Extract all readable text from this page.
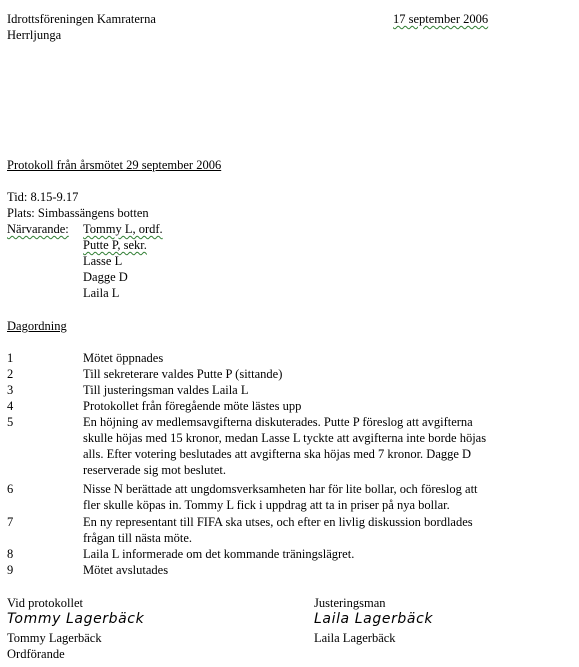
Idrottsföreningen Kamraterna
Herrljunga
17 september 2006
Protokoll från årsmötet 29 september 2006
Tid: 8.15-9.17
Plats: Simbassängens botten
Närvarande: Tommy L, ordf.
Putte P, sekr.
Lasse L
Dagge D
Laila L
Dagordning
1	Mötet öppnades
2	Till sekreterare valdes Putte P (sittande)
3	Till justeringsman valdes Laila L
4	Protokollet från föregående möte lästes upp
5	En höjning av medlemsavgifterna diskuterades. Putte P föreslog att avgifterna
skulle höjas med 15 kronor, medan Lasse L tyckte att avgifterna inte borde höjas
alls. Efter votering beslutades att avgifterna ska höjas med 7 kronor. Dagge D
reserverade sig mot beslutet.
6	Nisse N berättade att ungdomsverksamheten har för lite bollar, och föreslog att
fler skulle köpas in. Tommy L fick i uppdrag att ta in priser på nya bollar.
7	En ny representant till FIFA ska utses, och efter en livlig diskussion bordlades
frågan till nästa möte.
8	Laila L informerade om det kommande träningslägret.
9	Mötet avslutades
Vid protokollet
Tommy Lagerbäck
Tommy Lagerbäck
Ordförande
Justeringsman
Laila Lagerbäck
Laila Lagerbäck
